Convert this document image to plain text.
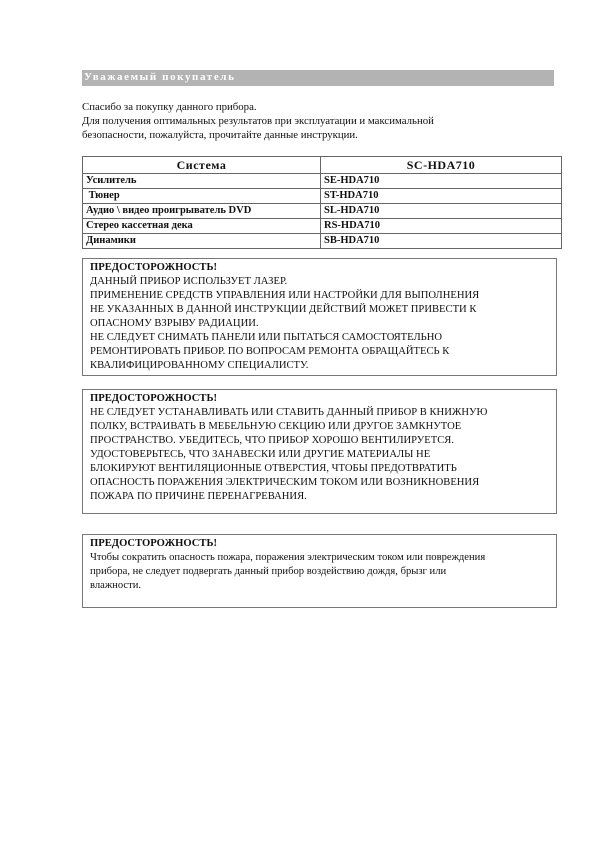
Уважаемый покупатель

Спасибо за покупку данного прибора.

Для получения оптимальных результатов при эксплуатации и максимальной

безопасности, пожалуйста, прочитайте данные инструкции.

Система	SC-HDA710
Усилитель	SE-HDA710
Тюнер	ST-HDA710
Аудио \ видео проигрыватель DVD	SL-HDA710
Стерео кассетная дека	RS-HDA710
Динамики	SB-HDA710
ПРЕДОСТОРОЖНОСТЬ!
ДАННЫЙ ПРИБОР ИСПОЛЬЗУЕТ ЛАЗЕР.
ПРИМЕНЕНИЕ СРЕДСТВ УПРАВЛЕНИЯ ИЛИ НАСТРОЙКИ ДЛЯ ВЫПОЛНЕНИЯ
НЕ УКАЗАННЫХ В ДАННОЙ ИНСТРУКЦИИ ДЕЙСТВИЙ МОЖЕТ ПРИВЕСТИ К
ОПАСНОМУ ВЗРЫВУ РАДИАЦИИ.
НЕ СЛЕДУЕТ СНИМАТЬ ПАНЕЛИ ИЛИ ПЫТАТЬСЯ САМОСТОЯТЕЛЬНО
РЕМОНТИРОВАТЬ ПРИБОР. ПО ВОПРОСАМ РЕМОНТА ОБРАЩАЙТЕСЬ К
КВАЛИФИЦИРОВАННОМУ СПЕЦИАЛИСТУ.
ПРЕДОСТОРОЖНОСТЬ!
НЕ СЛЕДУЕТ УСТАНАВЛИВАТЬ ИЛИ СТАВИТЬ ДАННЫЙ ПРИБОР В КНИЖНУЮ
ПОЛКУ, ВСТРАИВАТЬ В МЕБЕЛЬНУЮ СЕКЦИЮ ИЛИ ДРУГОЕ ЗАМКНУТОЕ
ПРОСТРАНСТВО. УБЕДИТЕСЬ, ЧТО ПРИБОР ХОРОШО ВЕНТИЛИРУЕТСЯ.
УДОСТОВЕРЬТЕСЬ, ЧТО ЗАНАВЕСКИ ИЛИ ДРУГИЕ МАТЕРИАЛЫ НЕ
БЛОКИРУЮТ ВЕНТИЛЯЦИОННЫЕ ОТВЕРСТИЯ, ЧТОБЫ ПРЕДОТВРАТИТЬ
ОПАСНОСТЬ ПОРАЖЕНИЯ ЭЛЕКТРИЧЕСКИМ ТОКОМ ИЛИ ВОЗНИКНОВЕНИЯ
ПОЖАРА ПО ПРИЧИНЕ ПЕРЕНАГРЕВАНИЯ.
ПРЕДОСТОРОЖНОСТЬ!
Чтобы сократить опасность пожара, поражения электрическим током или повреждения
прибора, не следует подвергать данный прибор воздействию дождя, брызг или
влажности.
